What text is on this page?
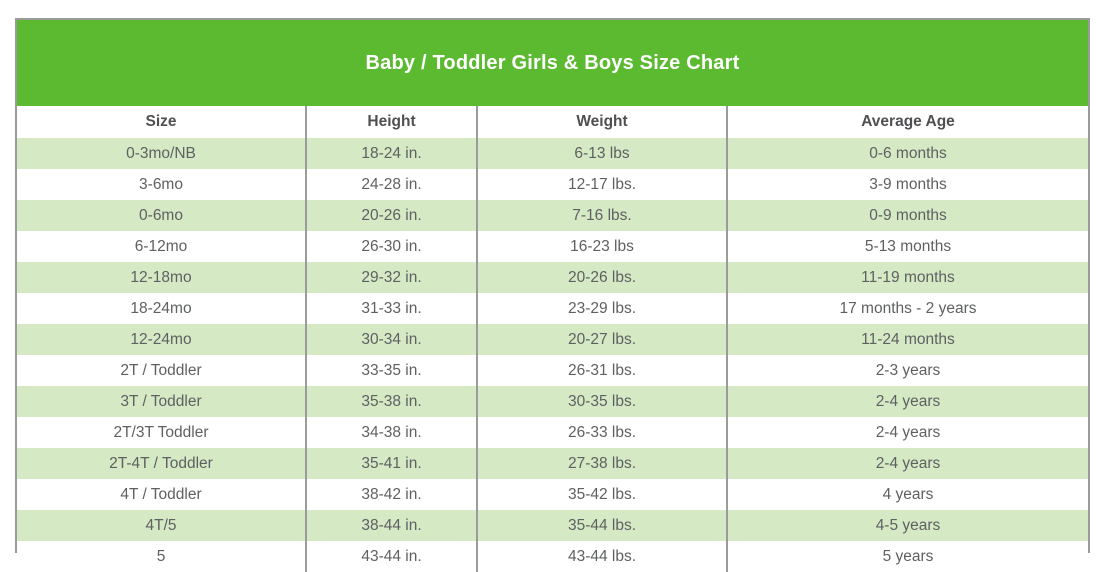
Baby / Toddler Girls & Boys Size Chart
Size	Height	Weight	Average Age
0-3mo/NB	18-24 in.	6-13 lbs	0-6 months
3-6mo	24-28 in.	12-17 lbs.	3-9 months
0-6mo	20-26 in.	7-16 lbs.	0-9 months
6-12mo	26-30 in.	16-23 lbs	5-13 months
12-18mo	29-32 in.	20-26 lbs.	11-19 months
18-24mo	31-33 in.	23-29 lbs.	17 months - 2 years
12-24mo	30-34 in.	20-27 lbs.	11-24 months
2T / Toddler	33-35 in.	26-31 lbs.	2-3 years
3T / Toddler	35-38 in.	30-35 lbs.	2-4 years
2T/3T Toddler	34-38 in.	26-33 lbs.	2-4 years
2T-4T / Toddler	35-41 in.	27-38 lbs.	2-4 years
4T / Toddler	38-42 in.	35-42 lbs.	4 years
4T/5	38-44 in.	35-44 lbs.	4-5 years
5	43-44 in.	43-44 lbs.	5 years
